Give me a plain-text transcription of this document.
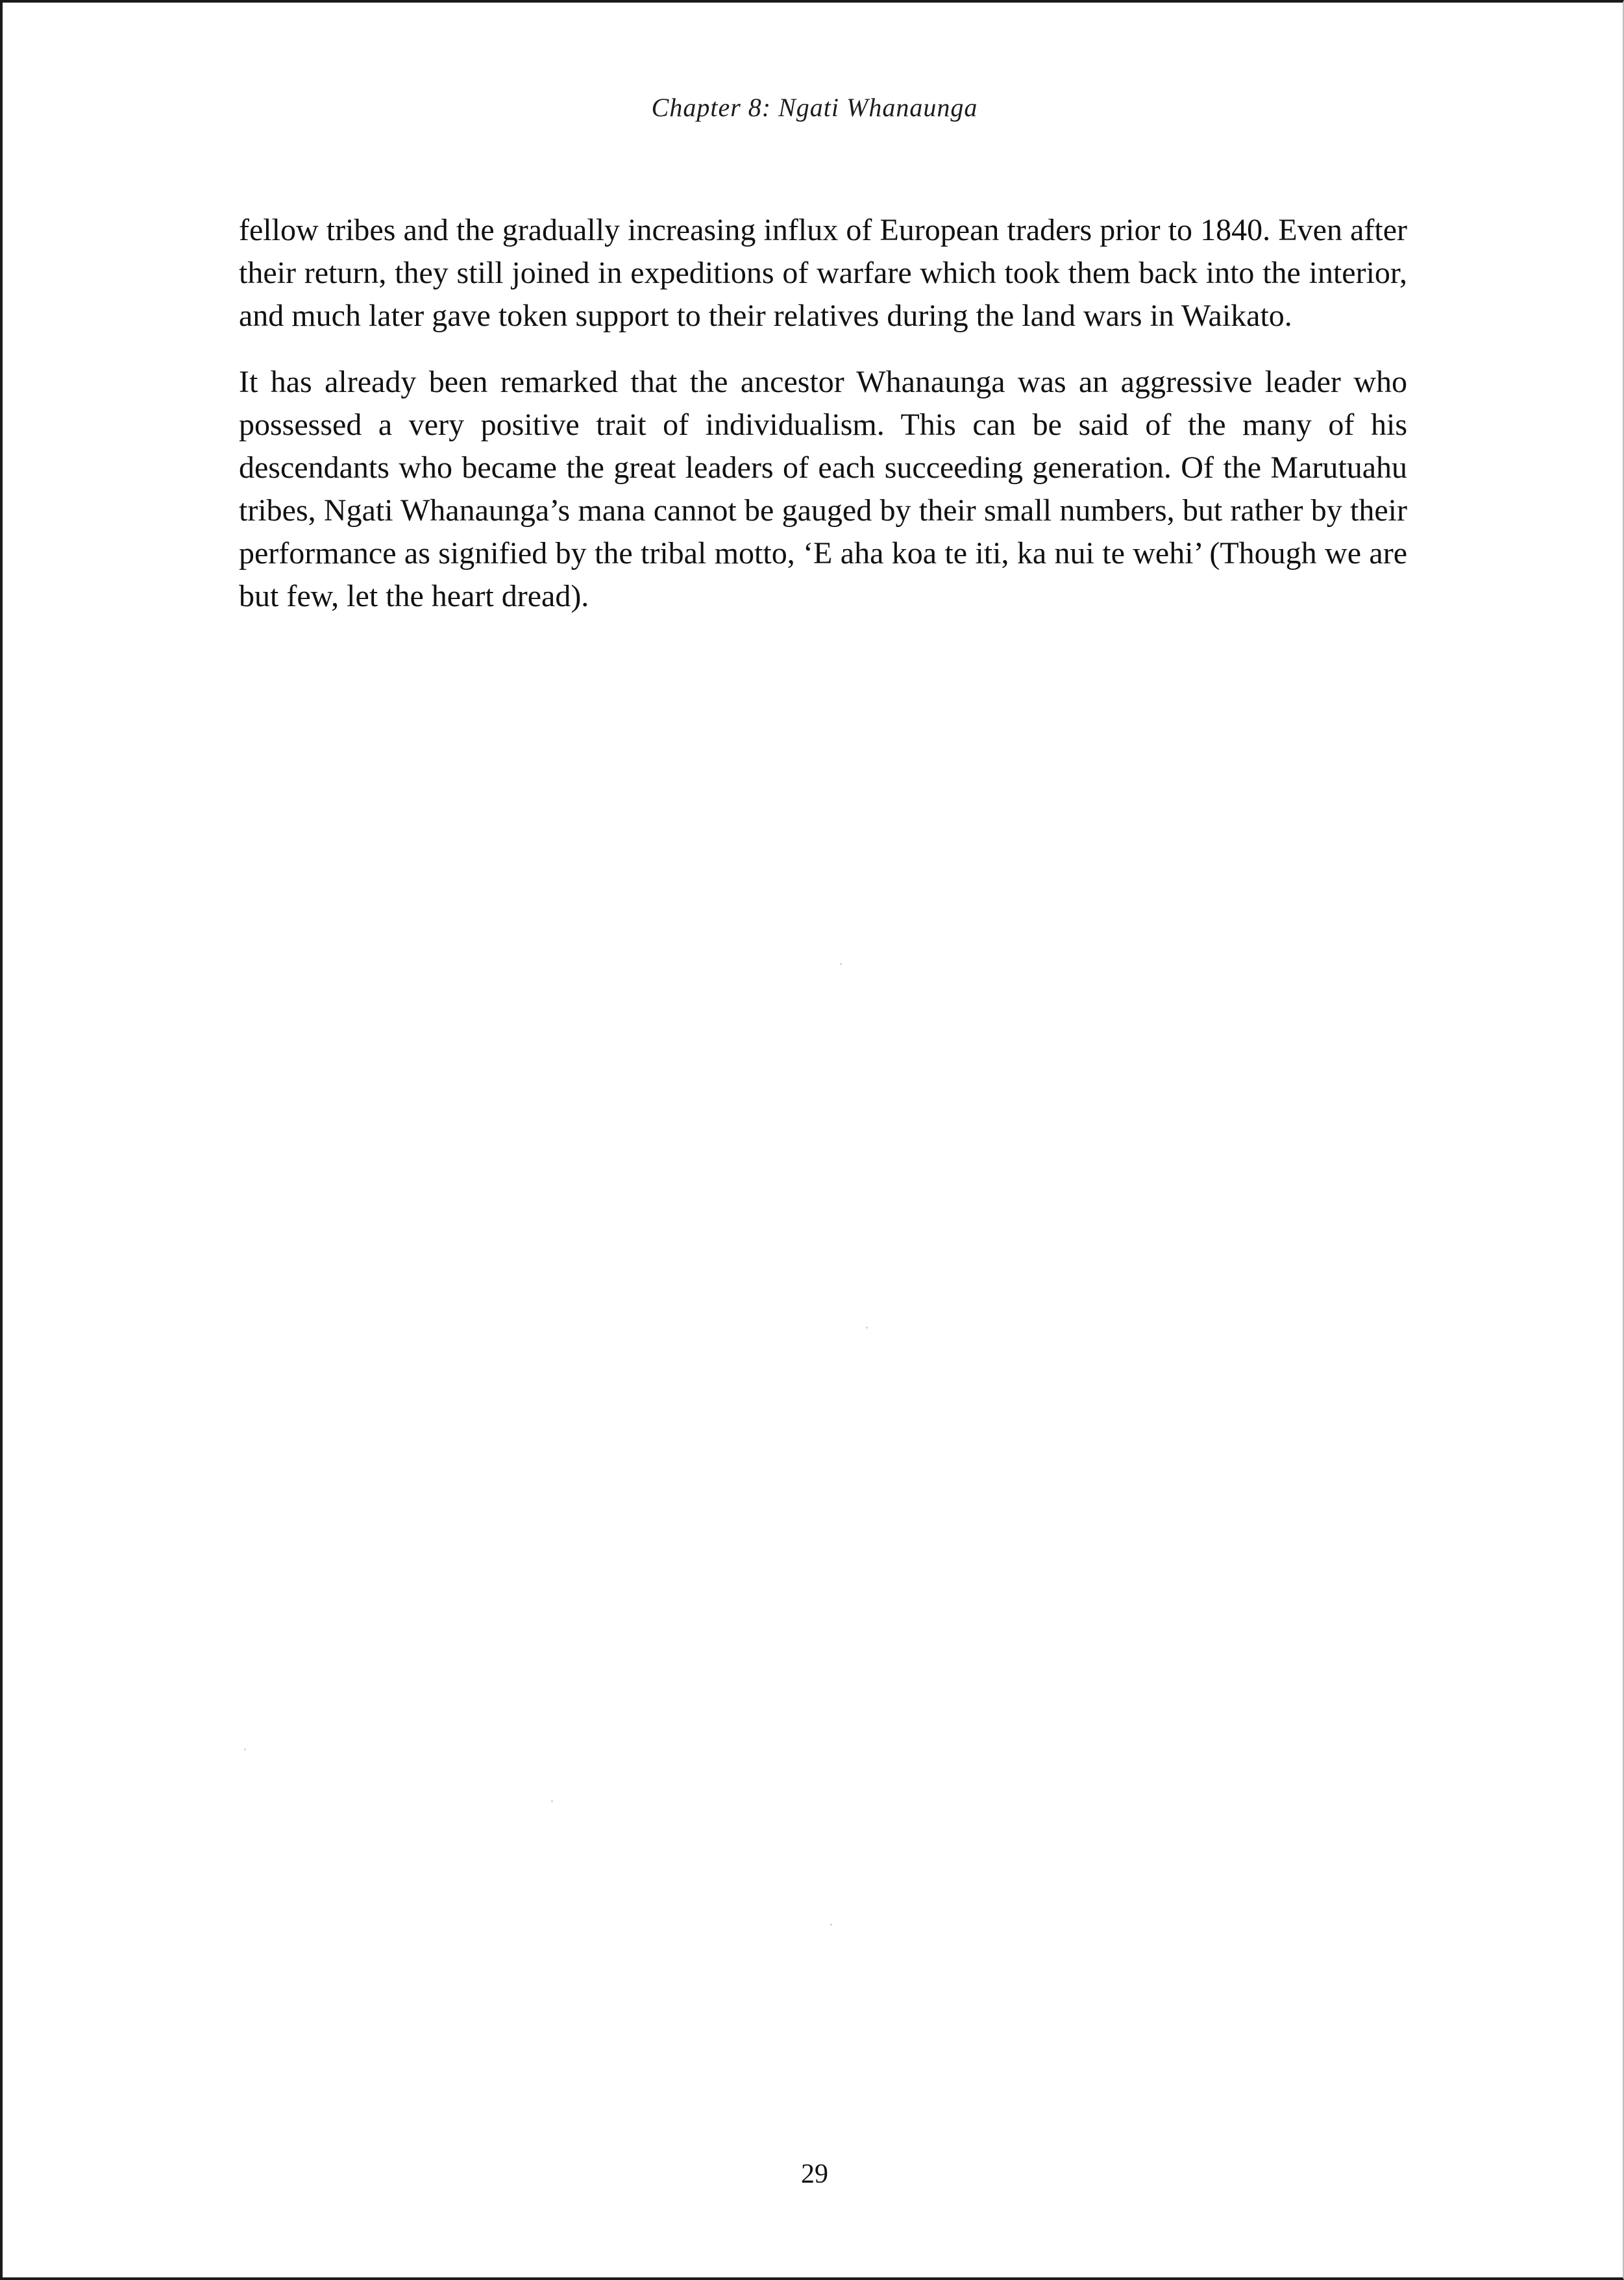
Chapter 8: Ngati Whanaunga

fellow tribes and the gradually increasing influx of European traders prior to 1840. Even after their return, they still joined in expeditions of warfare which took them back into the interior, and much later gave token support to their relatives during the land wars in Waikato.

It has already been remarked that the ancestor Whanaunga was an aggressive leader who possessed a very positive trait of individualism. This can be said of the many of his descendants who became the great leaders of each succeeding generation. Of the Marutuahu tribes, Ngati Whanaunga’s mana cannot be gauged by their small numbers, but rather by their performance as signified by the tribal motto, ‘E aha koa te iti, ka nui te wehi’ (Though we are but few, let the heart dread).

29
